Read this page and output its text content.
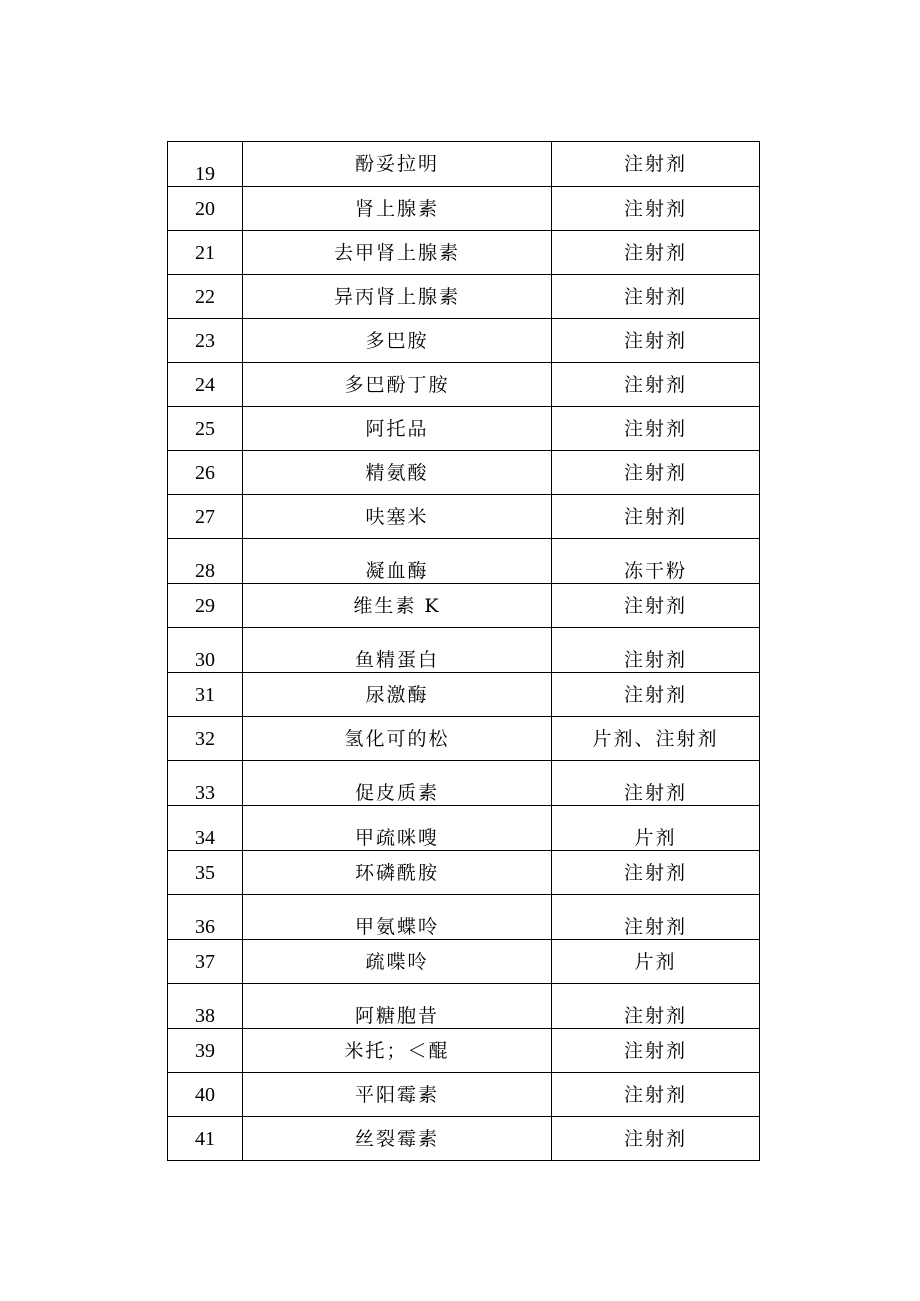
19	酚妥拉明	注射剂
20	肾上腺素	注射剂
21	去甲肾上腺素	注射剂
22	异丙肾上腺素	注射剂
23	多巴胺	注射剂
24	多巴酚丁胺	注射剂
25	阿托品	注射剂
26	精氨酸	注射剂
27	呋塞米	注射剂
28	凝血酶	冻干粉
29	维生素 K	注射剂
30	鱼精蛋白	注射剂
31	尿激酶	注射剂
32	氢化可的松	片剂、注射剂
33	促皮质素	注射剂
34	甲疏咪嗖	片剂
35	环磷酰胺	注射剂
36	甲氨蝶呤	注射剂
37	疏喋呤	片剂
38	阿糖胞昔	注射剂
39	米托；＜醌	注射剂
40	平阳霉素	注射剂
41	丝裂霉素	注射剂
